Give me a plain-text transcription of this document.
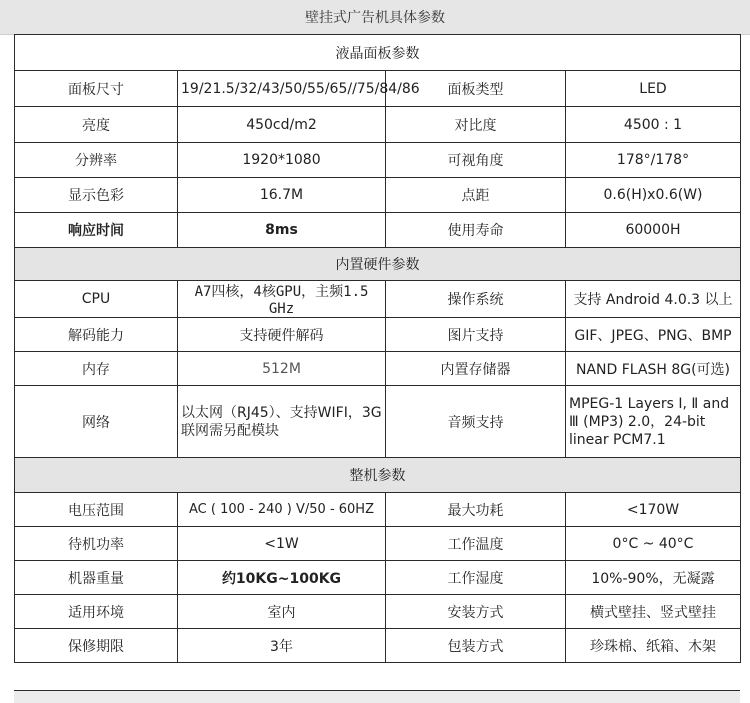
壁挂式广告机具体参数
液晶面板参数			
面板尺寸	19/21.5/32/43/50/55/65//75/84/86	面板类型	LED
亮度	450cd/m2	对比度	4500 : 1
分辨率	1920*1080	可视角度	178°/178°
显示色彩	16.7M	点距	0.6(H)x0.6(W)
响应时间	8ms	使用寿命	60000H
内置硬件参数			
CPU	A7四核，4核GPU，主频1.5 GHz	操作系统	支持 Android 4.0.3 以上
解码能力	支持硬件解码	图片支持	GIF、JPEG、PNG、BMP
内存	512M	内置存储器	NAND FLASH 8G(可选)
网络	以太网（RJ45）、支持WIFI，3G联网需另配模块	音频支持	MPEG-1 Layers Ⅰ, Ⅱ and Ⅲ (MP3) 2.0，24-bit linear PCM7.1
整机参数			
电压范围	AC ( 100 - 240 ) V/50 - 60HZ	最大功耗	<170W
待机功率	<1W	工作温度	0°C ~ 40°C
机器重量	约10KG~100KG	工作湿度	10%-90%，无凝露
适用环境	室内	安装方式	横式壁挂、竖式壁挂
保修期限	3年	包装方式	珍珠棉、纸箱、木架
